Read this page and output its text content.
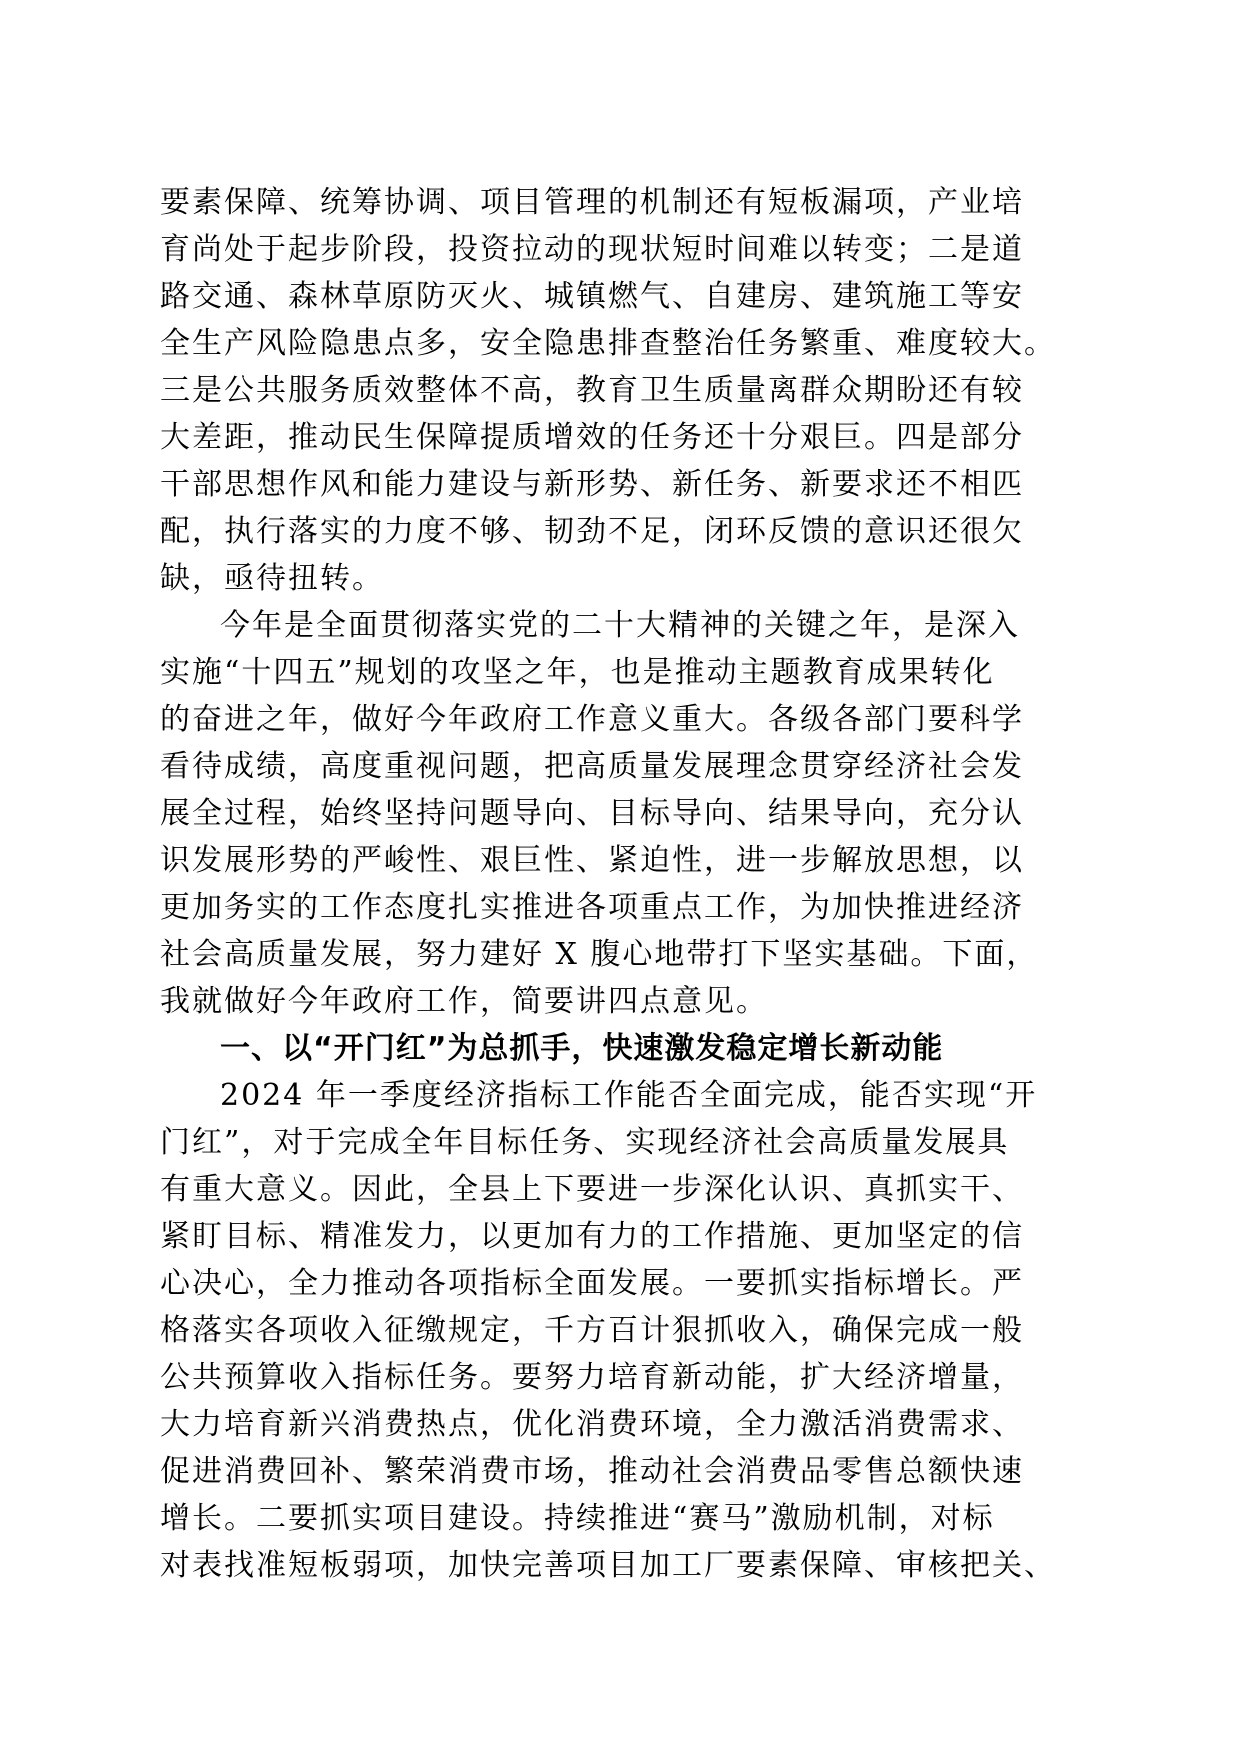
要素保障、统筹协调、项目管理的机制还有短板漏项，产业培
育尚处于起步阶段，投资拉动的现状短时间难以转变；二是道
路交通、森林草原防灭火、城镇燃气、自建房、建筑施工等安
全生产风险隐患点多，安全隐患排查整治任务繁重、难度较大。
三是公共服务质效整体不高，教育卫生质量离群众期盼还有较
大差距，推动民生保障提质增效的任务还十分艰巨。四是部分
干部思想作风和能力建设与新形势、新任务、新要求还不相匹
配，执行落实的力度不够、韧劲不足，闭环反馈的意识还很欠
缺，亟待扭转。
今年是全面贯彻落实党的二十大精神的关键之年，是深入
实施“十四五”规划的攻坚之年，也是推动主题教育成果转化
的奋进之年，做好今年政府工作意义重大。各级各部门要科学
看待成绩，高度重视问题，把高质量发展理念贯穿经济社会发
展全过程，始终坚持问题导向、目标导向、结果导向，充分认
识发展形势的严峻性、艰巨性、紧迫性，进一步解放思想，以
更加务实的工作态度扎实推进各项重点工作，为加快推进经济
社会高质量发展，努力建好 X 腹心地带打下坚实基础。下面，
我就做好今年政府工作，简要讲四点意见。
一、以“开门红”为总抓手，快速激发稳定增长新动能
2024 年一季度经济指标工作能否全面完成，能否实现“开
门红”，对于完成全年目标任务、实现经济社会高质量发展具
有重大意义。因此，全县上下要进一步深化认识、真抓实干、
紧盯目标、精准发力，以更加有力的工作措施、更加坚定的信
心决心，全力推动各项指标全面发展。一要抓实指标增长。严
格落实各项收入征缴规定，千方百计狠抓收入，确保完成一般
公共预算收入指标任务。要努力培育新动能，扩大经济增量，
大力培育新兴消费热点，优化消费环境，全力激活消费需求、
促进消费回补、繁荣消费市场，推动社会消费品零售总额快速
增长。二要抓实项目建设。持续推进“赛马”激励机制，对标
对表找准短板弱项，加快完善项目加工厂要素保障、审核把关、
